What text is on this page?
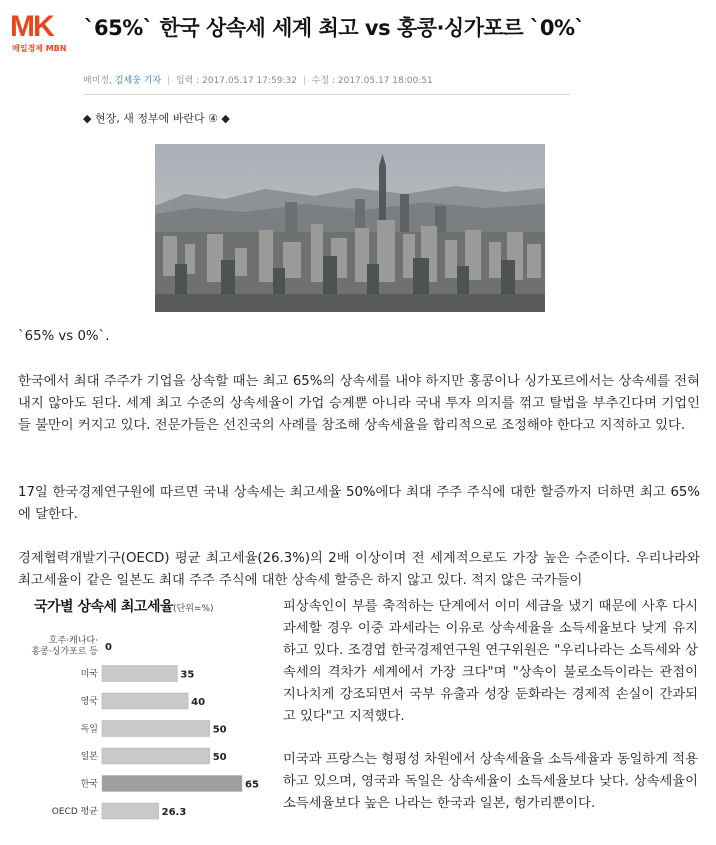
MK
매일경제 MBN
`65%` 한국 상속세 세계 최고 vs 홍콩·싱가포르 `0%`
배미정, 김세웅 기자 | 입력 : 2017.05.17 17:59:32 | 수정 : 2017.05.17 18:00:51
◆ 현장, 새 정부에 바란다 ④ ◆

`65% vs 0%`.

한국에서 최대 주주가 기업을 상속할 때는 최고 65%의 상속세를 내야 하지만 홍콩이나 싱가포르에서는 상속세를 전혀 내지 않아도 된다. 세계 최고 수준의 상속세율이 가업 승계뿐 아니라 국내 투자 의지를 꺾고 탈법을 부추긴다며 기업인들 불만이 커지고 있다. 전문가들은 선진국의 사례를 참조해 상속세율을 합리적으로 조정해야 한다고 지적하고 있다.

17일 한국경제연구원에 따르면 국내 상속세는 최고세율 50%에다 최대 주주 주식에 대한 할증까지 더하면 최고 65%에 달한다.

경제협력개발기구(OECD) 평균 최고세율(26.3%)의 2배 이상이며 전 세계적으로도 가장 높은 수준이다. 우리나라와 최고세율이 같은 일본도 최대 주주 주식에 대한 상속세 할증은 하지 않고 있다. 적지 않은 국가들이

국가별 상속세 최고세율(단위=%)
호주·캐나다·
홍콩·싱가포르 등 0
미국	35
영국	40
독일	50
일본	50
한국	65
OECD 평균	26.3

피상속인이 부를 축적하는 단계에서 이미 세금을 냈기 때문에 사후 다시 과세할 경우 이중 과세라는 이유로 상속세율을 소득세율보다 낮게 유지하고 있다. 조경엽 한국경제연구원 연구위원은 "우리나라는 소득세와 상속세의 격차가 세계에서 가장 크다"며 "상속이 불로소득이라는 관점이 지나치게 강조되면서 국부 유출과 성장 둔화라는 경제적 손실이 간과되고 있다"고 지적했다.

미국과 프랑스는 형평성 차원에서 상속세율을 소득세율과 동일하게 적용하고 있으며, 영국과 독일은 상속세율이 소득세율보다 낮다. 상속세율이 소득세율보다 높은 나라는 한국과 일본, 헝가리뿐이다.
